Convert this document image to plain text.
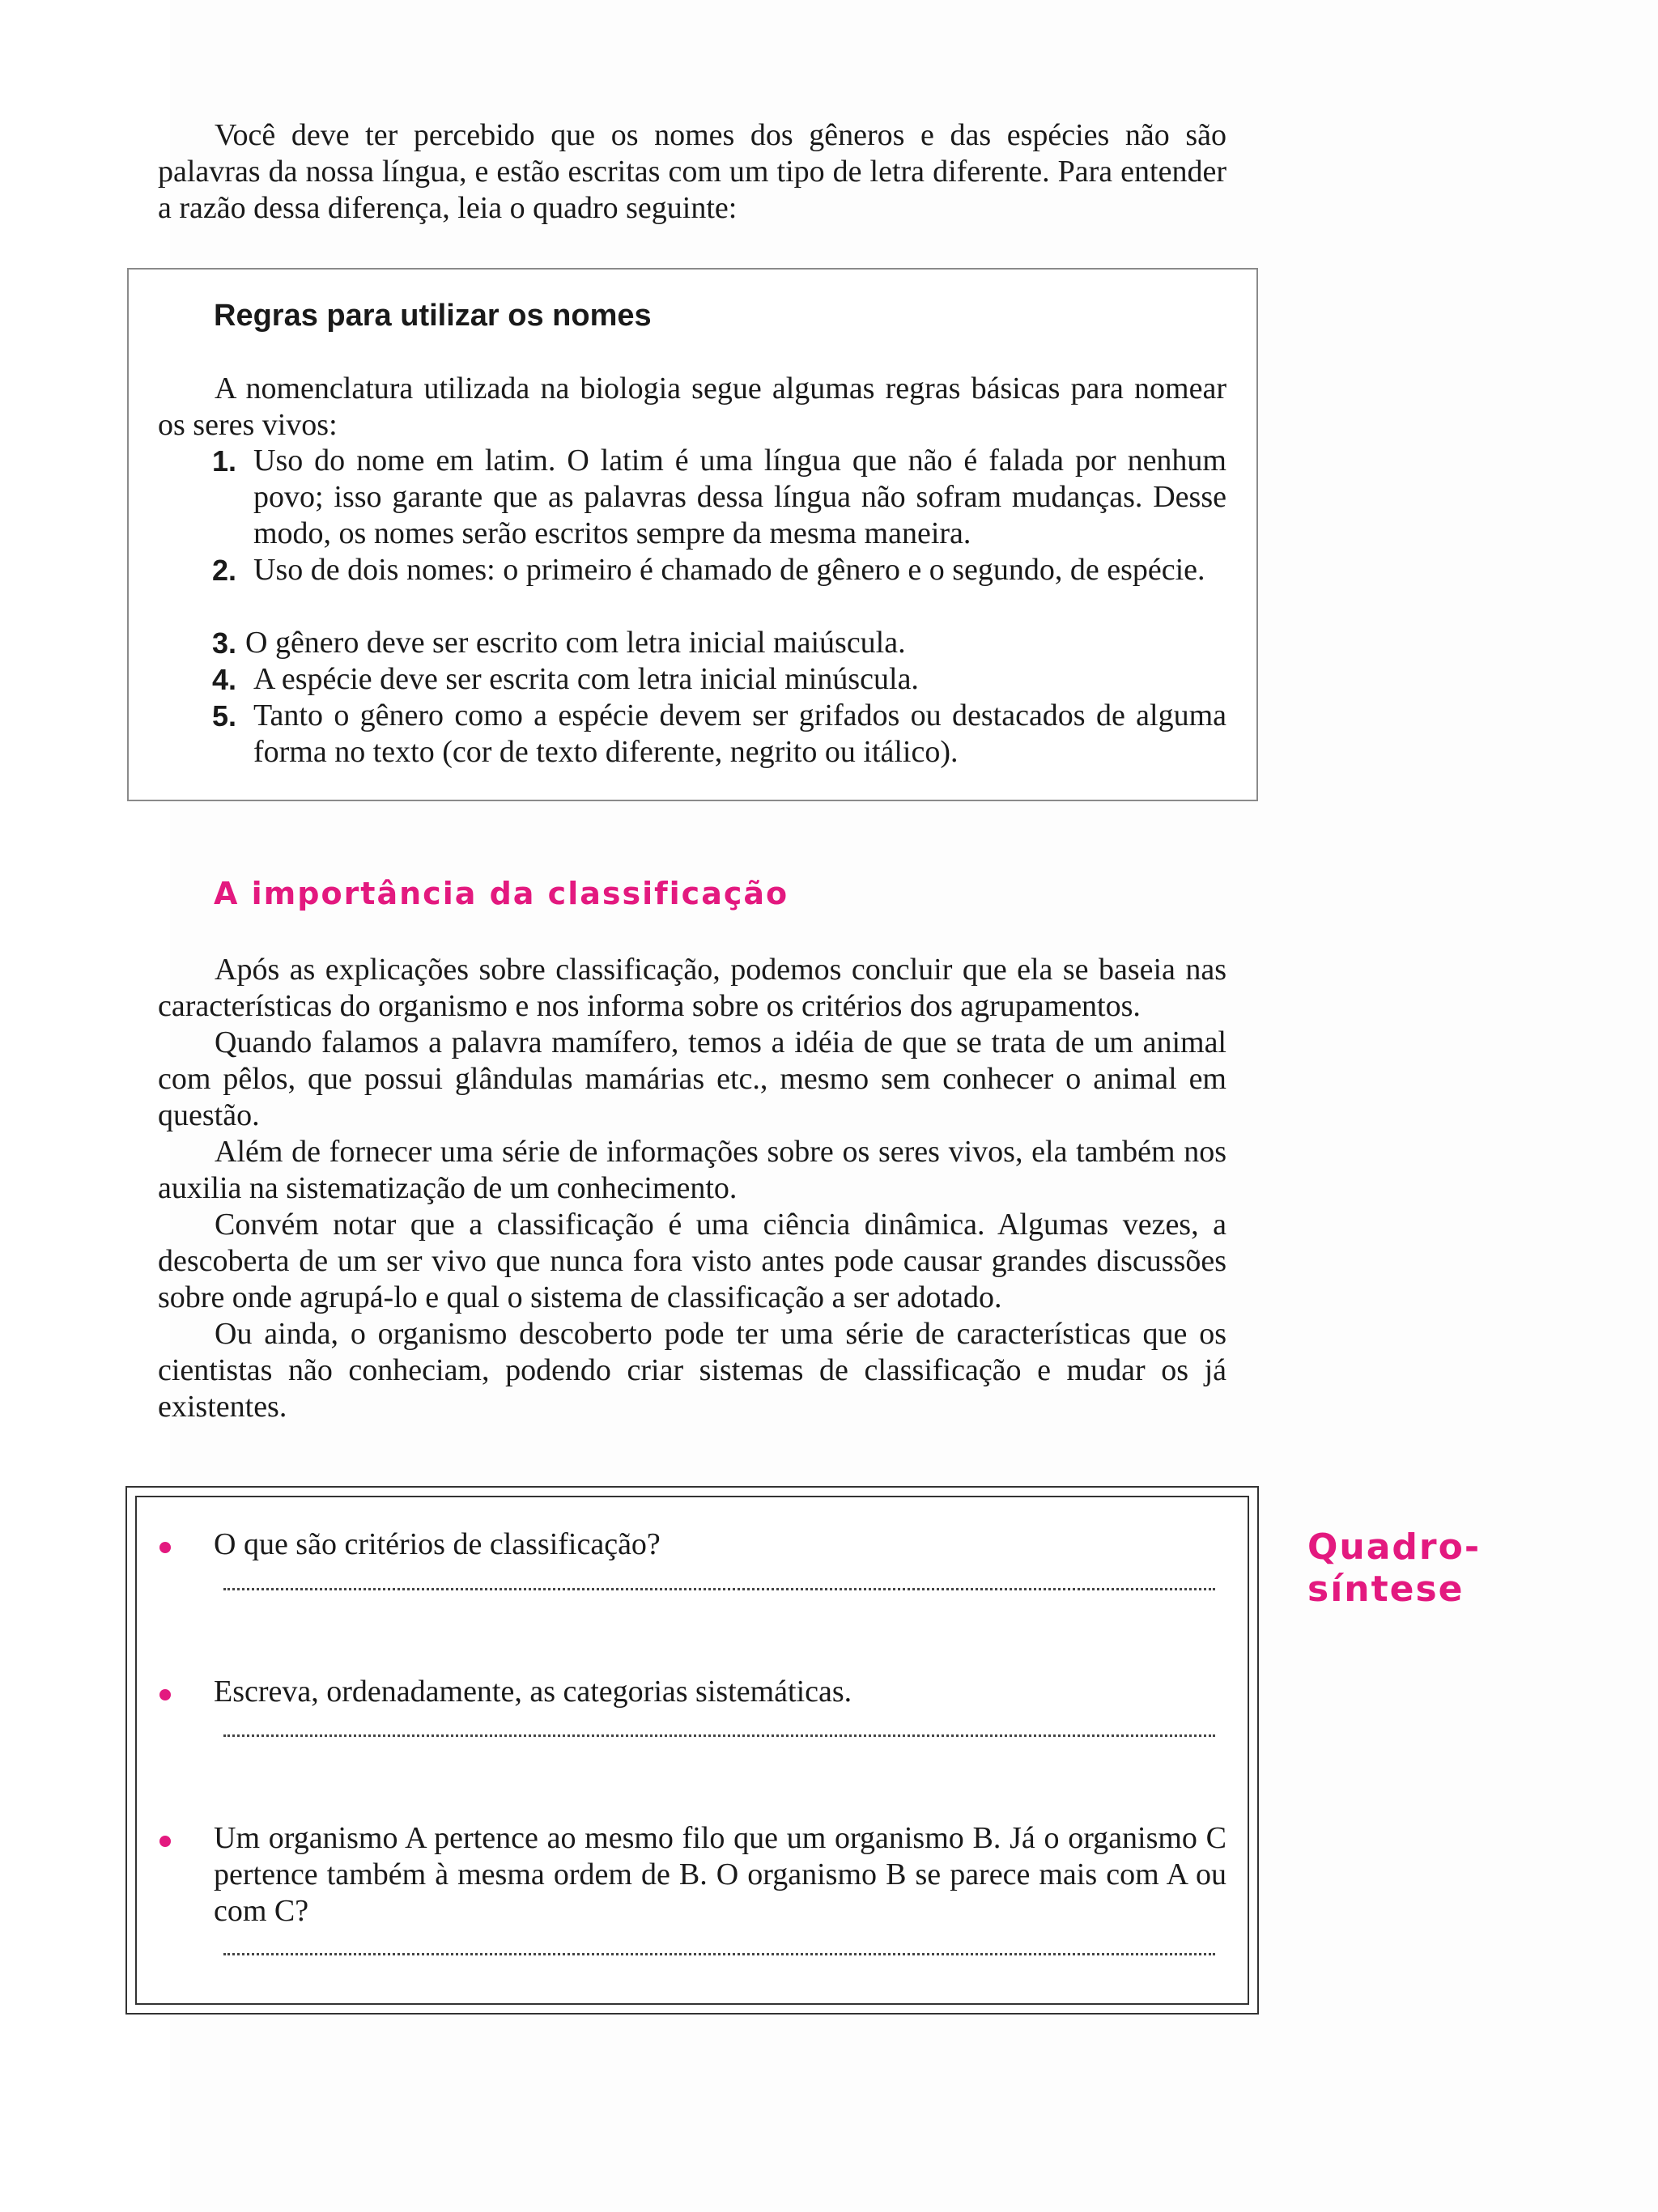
Você deve ter percebido que os nomes dos gêneros e das espécies não são palavras da nossa língua, e estão escritas com um tipo de letra diferente. Para entender a razão dessa diferença, leia o quadro seguinte:

Regras para utilizar os nomes

A nomenclatura utilizada na biologia segue algumas regras básicas para nomear os seres vivos:

1. Uso do nome em latim. O latim é uma língua que não é falada por nenhum povo; isso garante que as palavras dessa língua não sofram mudanças. Desse modo, os nomes serão escritos sempre da mesma maneira.
2. Uso de dois nomes: o primeiro é chamado de gênero e o segundo, de espécie.
3. O gênero deve ser escrito com letra inicial maiúscula.
4. A espécie deve ser escrita com letra inicial minúscula.
5. Tanto o gênero como a espécie devem ser grifados ou destacados de alguma forma no texto (cor de texto diferente, negrito ou itálico).
A importância da classificação

Após as explicações sobre classificação, podemos concluir que ela se baseia nas características do organismo e nos informa sobre os critérios dos agrupamentos.

Quando falamos a palavra mamífero, temos a idéia de que se trata de um animal com pêlos, que possui glândulas mamárias etc., mesmo sem conhecer o animal em questão.

Além de fornecer uma série de informações sobre os seres vivos, ela também nos auxilia na sistematização de um conhecimento.

Convém notar que a classificação é uma ciência dinâmica. Algumas vezes, a descoberta de um ser vivo que nunca fora visto antes pode causar grandes discussões sobre onde agrupá-lo e qual o sistema de classificação a ser adotado.

Ou ainda, o organismo descoberto pode ter uma série de características que os cientistas não conheciam, podendo criar sistemas de classificação e mudar os já existentes.

O que são critérios de classificação?

Escreva, ordenadamente, as categorias sistemáticas.

Um organismo A pertence ao mesmo filo que um organismo B. Já o organismo C pertence também à mesma ordem de B. O organismo B se parece mais com A ou com C?

Quadro-
síntese
